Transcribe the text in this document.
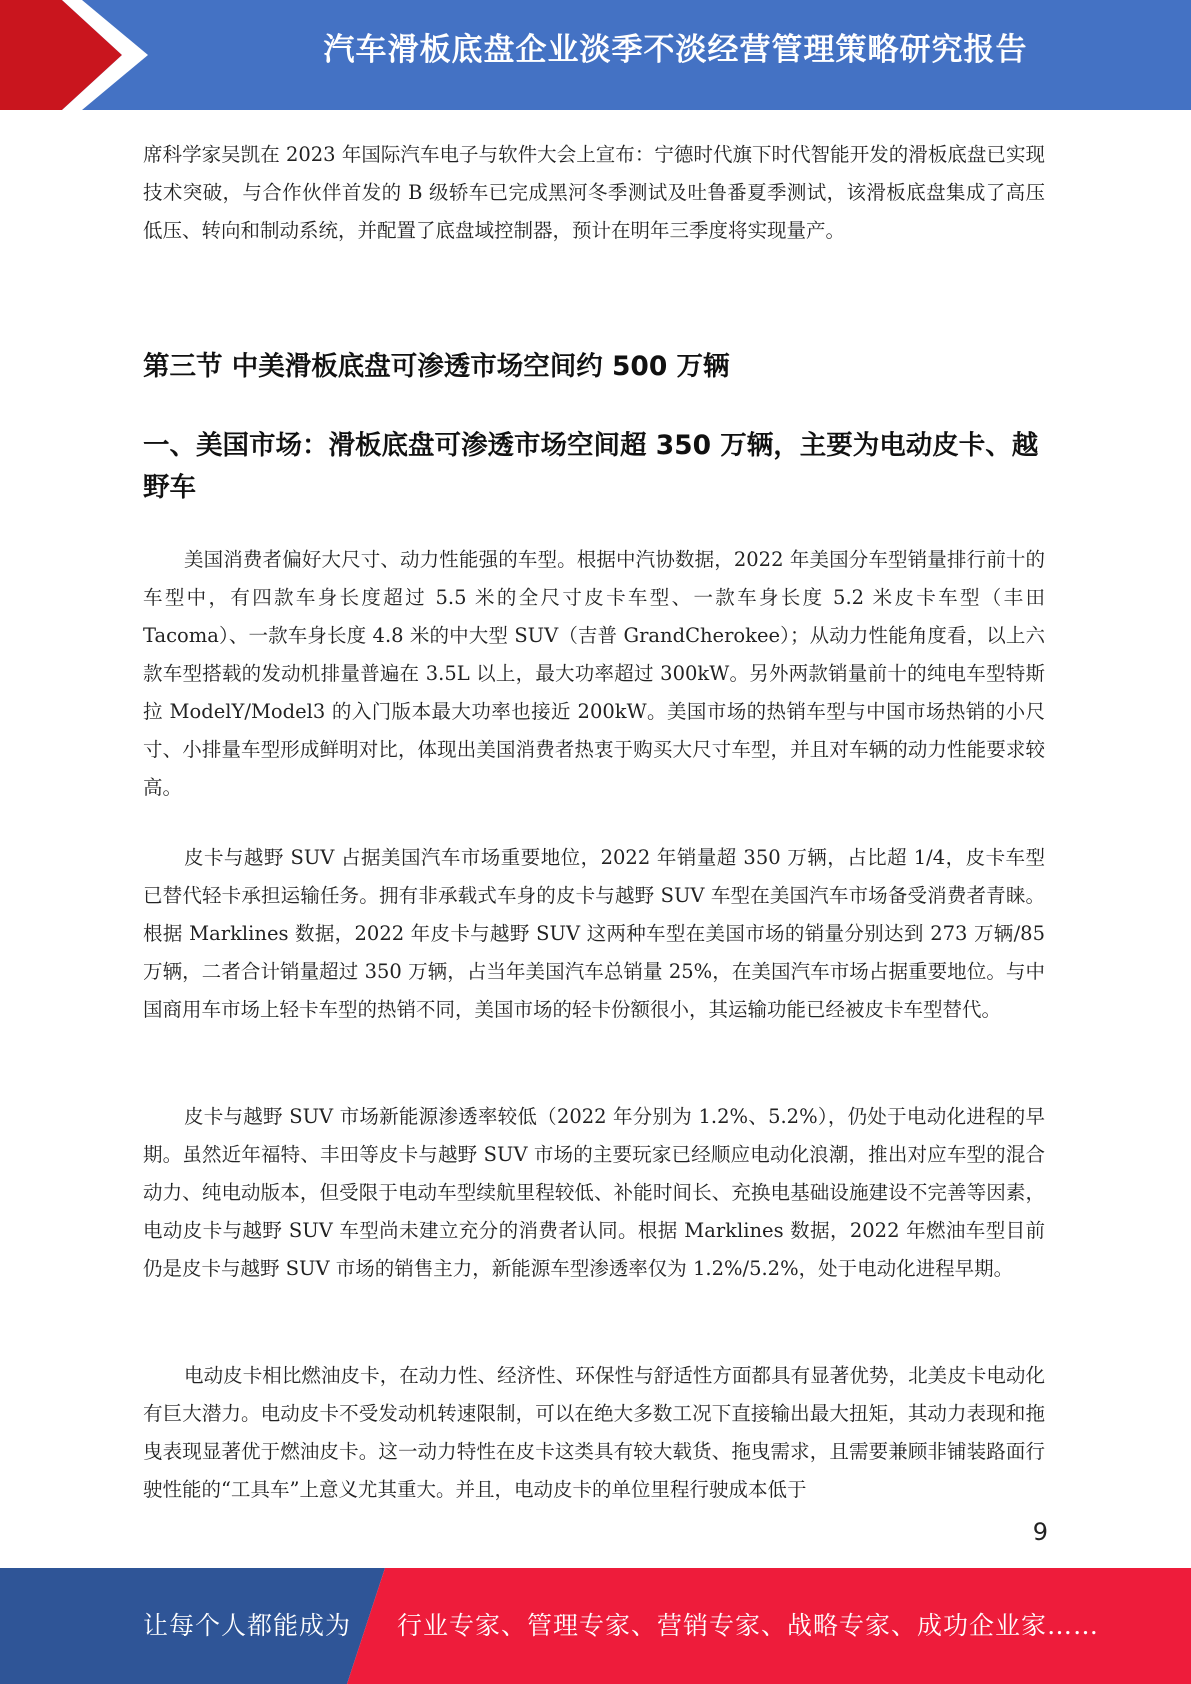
汽车滑板底盘企业淡季不淡经营管理策略研究报告

席科学家吴凯在 2023 年国际汽车电子与软件大会上宣布：宁德时代旗下时代智能开发的滑板底盘已实现技术突破，与合作伙伴首发的 B 级轿车已完成黑河冬季测试及吐鲁番夏季测试，该滑板底盘集成了高压低压、转向和制动系统，并配置了底盘域控制器，预计在明年三季度将实现量产。

第三节 中美滑板底盘可渗透市场空间约 500 万辆
一、美国市场：滑板底盘可渗透市场空间超 350 万辆，主要为电动皮卡、越野车

美国消费者偏好大尺寸、动力性能强的车型。根据中汽协数据，2022 年美国分车型销量排行前十的车型中，有四款车身长度超过 5.5 米的全尺寸皮卡车型、一款车身长度 5.2 米皮卡车型（丰田 Tacoma）、一款车身长度 4.8 米的中大型 SUV（吉普 GrandCherokee）；从动力性能角度看，以上六款车型搭载的发动机排量普遍在 3.5L 以上，最大功率超过 300kW。另外两款销量前十的纯电车型特斯拉 ModelY/Model3 的入门版本最大功率也接近 200kW。美国市场的热销车型与中国市场热销的小尺寸、小排量车型形成鲜明对比，体现出美国消费者热衷于购买大尺寸车型，并且对车辆的动力性能要求较高。

皮卡与越野 SUV 占据美国汽车市场重要地位，2022 年销量超 350 万辆，占比超 1/4，皮卡车型已替代轻卡承担运输任务。拥有非承载式车身的皮卡与越野 SUV 车型在美国汽车市场备受消费者青睐。根据 Marklines 数据，2022 年皮卡与越野 SUV 这两种车型在美国市场的销量分别达到 273 万辆/85 万辆，二者合计销量超过 350 万辆，占当年美国汽车总销量 25%，在美国汽车市场占据重要地位。与中国商用车市场上轻卡车型的热销不同，美国市场的轻卡份额很小，其运输功能已经被皮卡车型替代。

皮卡与越野 SUV 市场新能源渗透率较低（2022 年分别为 1.2%、5.2%），仍处于电动化进程的早期。虽然近年福特、丰田等皮卡与越野 SUV 市场的主要玩家已经顺应电动化浪潮，推出对应车型的混合动力、纯电动版本，但受限于电动车型续航里程较低、补能时间长、充换电基础设施建设不完善等因素，电动皮卡与越野 SUV 车型尚未建立充分的消费者认同。根据 Marklines 数据，2022 年燃油车型目前仍是皮卡与越野 SUV 市场的销售主力，新能源车型渗透率仅为 1.2%/5.2%，处于电动化进程早期。

电动皮卡相比燃油皮卡，在动力性、经济性、环保性与舒适性方面都具有显著优势，北美皮卡电动化有巨大潜力。电动皮卡不受发动机转速限制，可以在绝大多数工况下直接输出最大扭矩，其动力表现和拖曳表现显著优于燃油皮卡。这一动力特性在皮卡这类具有较大载货、拖曳需求，且需要兼顾非铺装路面行驶性能的“工具车”上意义尤其重大。并且，电动皮卡的单位里程行驶成本低于

9
让每个人都能成为 行业专家、管理专家、营销专家、战略专家、成功企业家……
